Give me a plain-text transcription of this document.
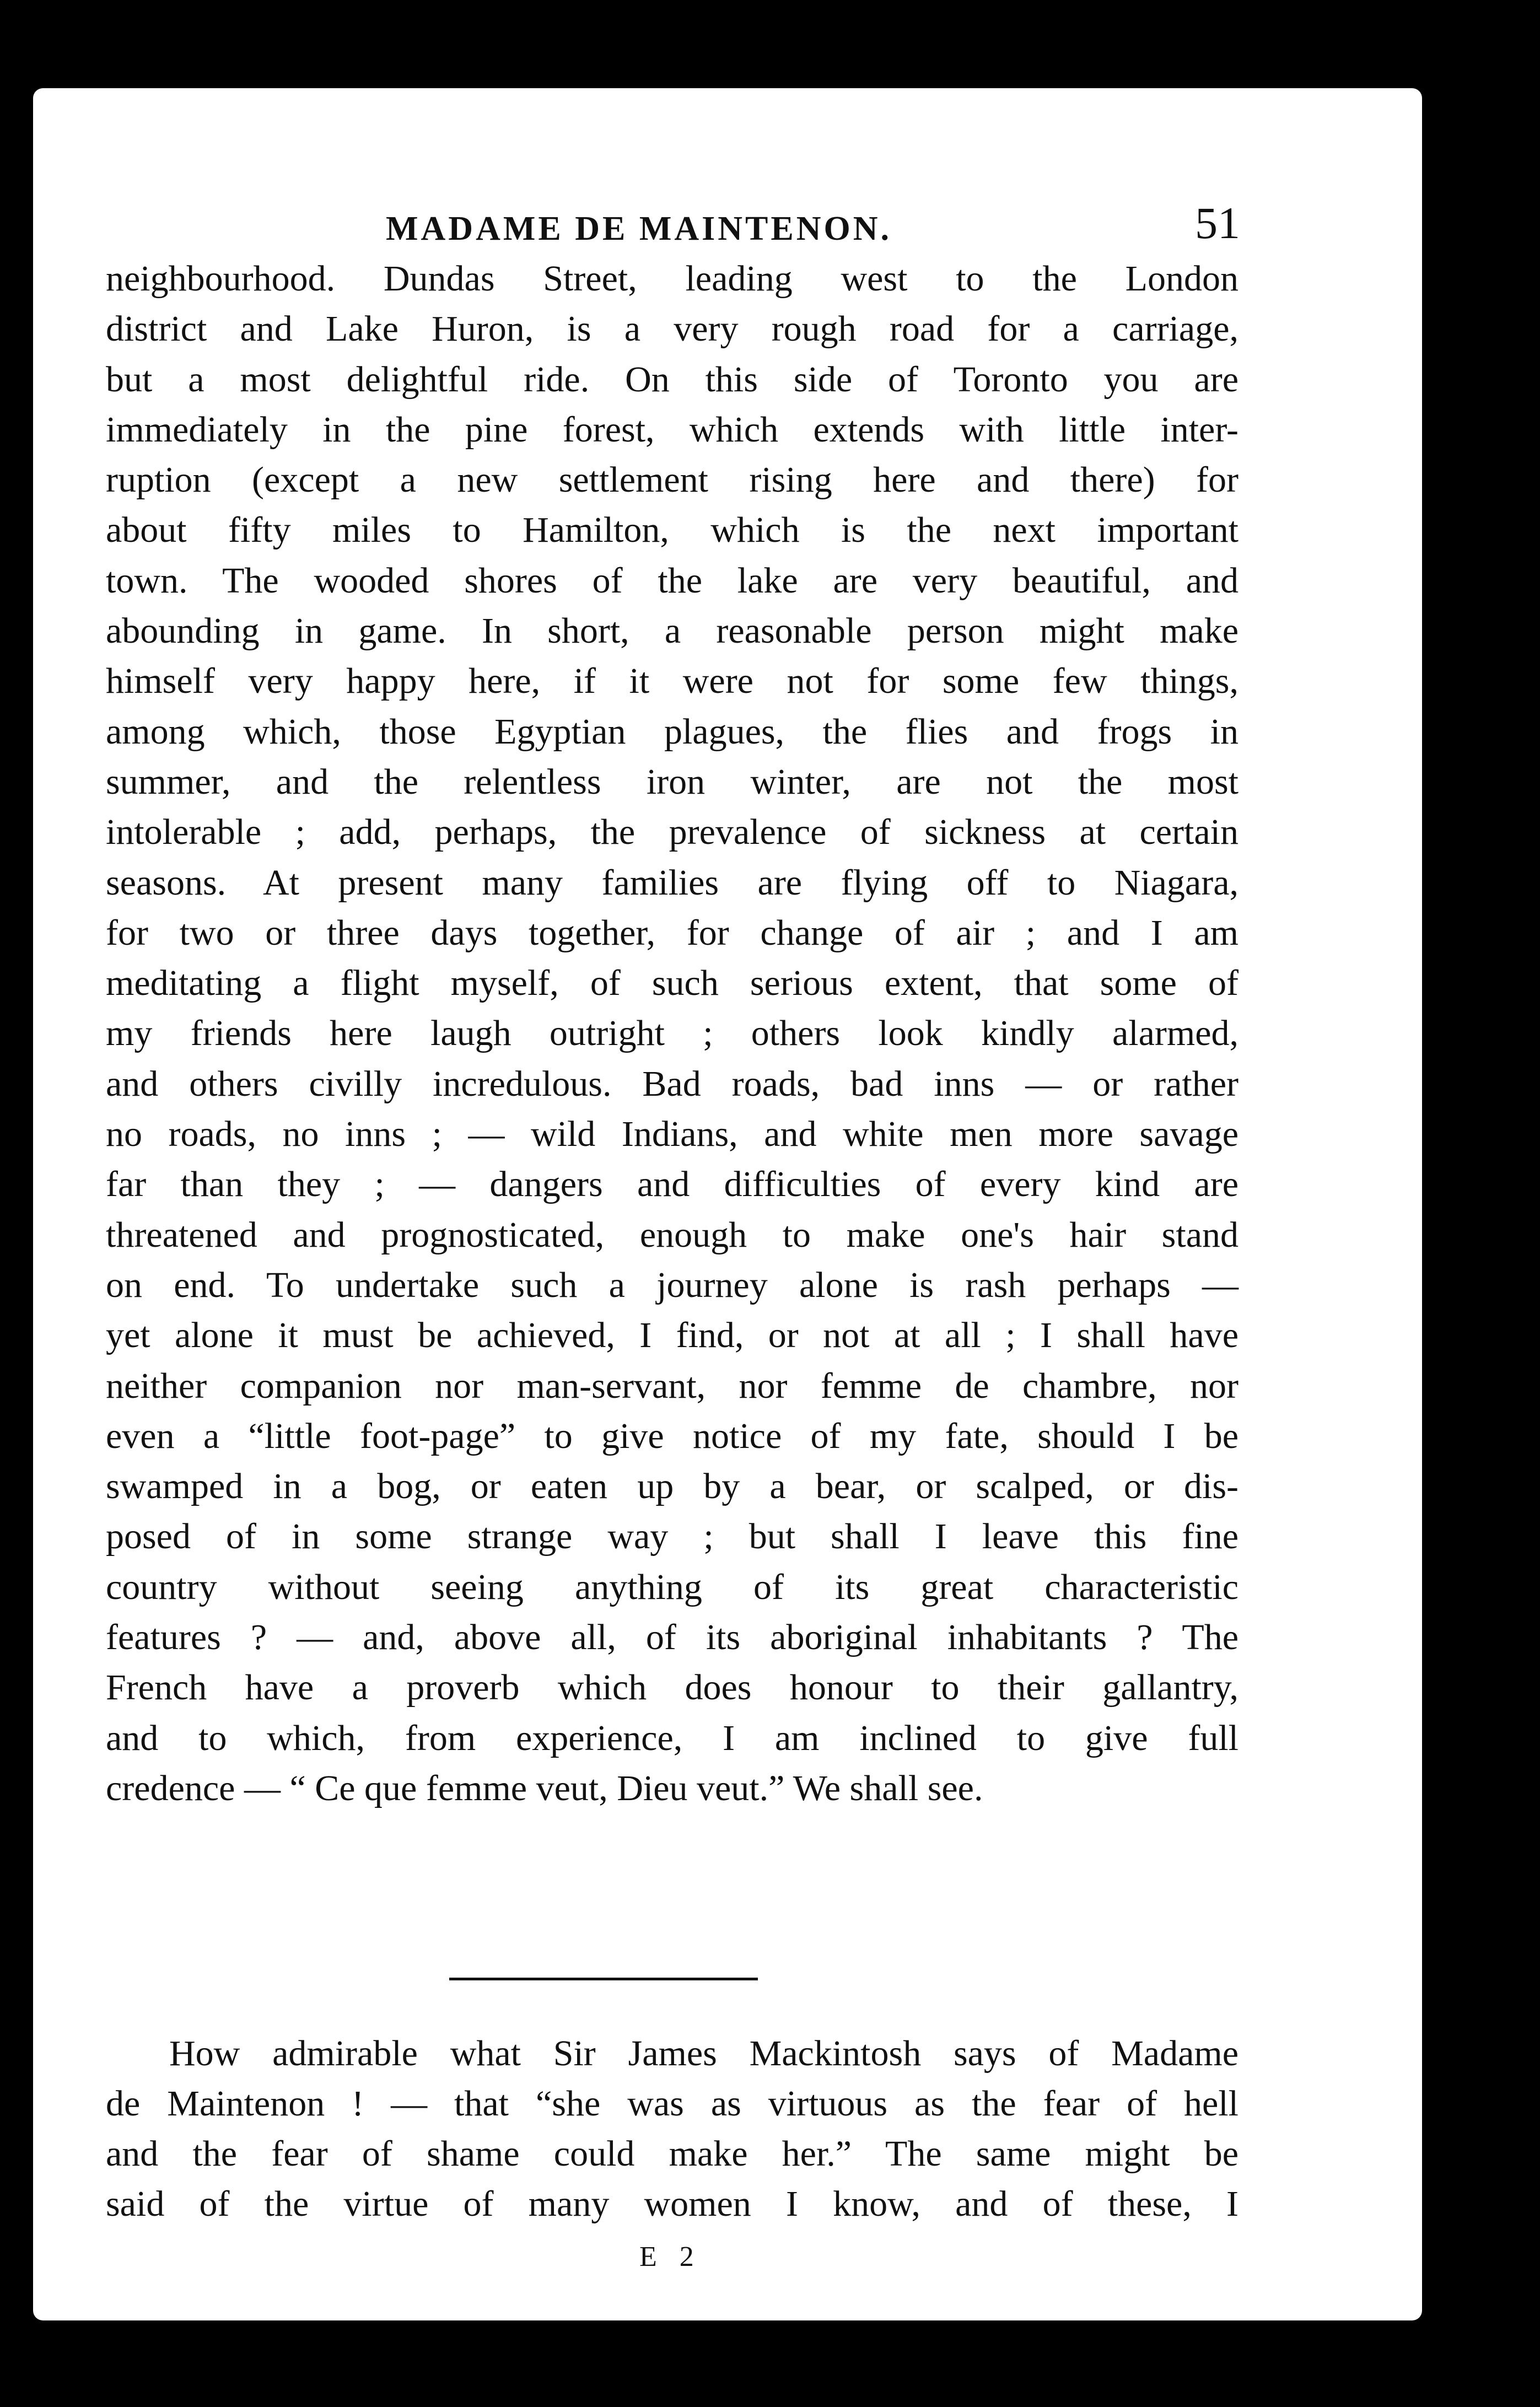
MADAME DE MAINTENON.	51
neighbourhood. Dundas Street, leading west to the London
district and Lake Huron, is a very rough road for a carriage,
but a most delightful ride. On this side of Toronto you are
immediately in the pine forest, which extends with little inter-
ruption (except a new settlement rising here and there) for
about fifty miles to Hamilton, which is the next important
town. The wooded shores of the lake are very beautiful, and
abounding in game. In short, a reasonable person might make
himself very happy here, if it were not for some few things,
among which, those Egyptian plagues, the flies and frogs in
summer, and the relentless iron winter, are not the most
intolerable ; add, perhaps, the prevalence of sickness at certain
seasons. At present many families are flying off to Niagara,
for two or three days together, for change of air ; and I am
meditating a flight myself, of such serious extent, that some of
my friends here laugh outright ; others look kindly alarmed,
and others civilly incredulous. Bad roads, bad inns — or rather
no roads, no inns ; — wild Indians, and white men more savage
far than they ; — dangers and difficulties of every kind are
threatened and prognosticated, enough to make one's hair stand
on end. To undertake such a journey alone is rash perhaps —
yet alone it must be achieved, I find, or not at all ; I shall have
neither companion nor man-servant, nor femme de chambre, nor
even a “little foot-page” to give notice of my fate, should I be
swamped in a bog, or eaten up by a bear, or scalped, or dis-
posed of in some strange way ; but shall I leave this fine
country without seeing anything of its great characteristic
features ? — and, above all, of its aboriginal inhabitants ? The
French have a proverb which does honour to their gallantry,
and to which, from experience, I am inclined to give full
credence — “ Ce que femme veut, Dieu veut.” We shall see.
How admirable what Sir James Mackintosh says of Madame
de Maintenon ! — that “she was as virtuous as the fear of hell
and the fear of shame could make her.” The same might be
said of the virtue of many women I know, and of these, I
E 2
